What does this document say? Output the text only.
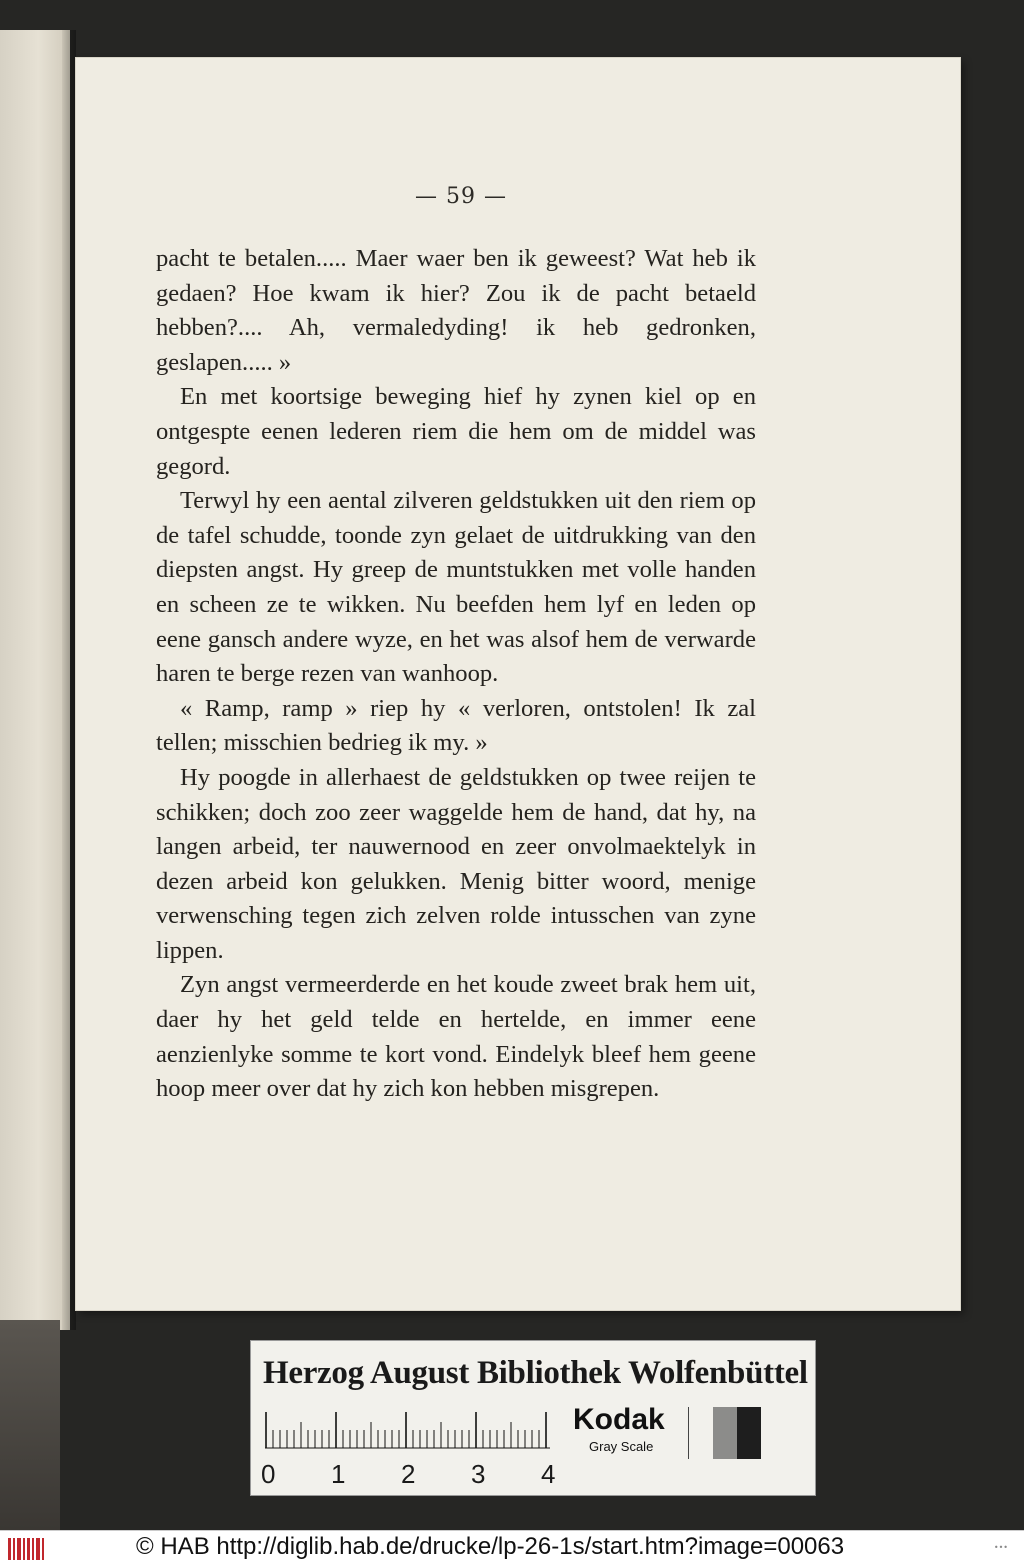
— 59 —

pacht te betalen..... Maer waer ben ik geweest? Wat heb ik gedaen? Hoe kwam ik hier? Zou ik de pacht betaeld hebben?.... Ah, vermaledyding! ik heb gedronken, geslapen..... »

En met koortsige beweging hief hy zynen kiel op en ontgespte eenen lederen riem die hem om de middel was gegord.

Terwyl hy een aental zilveren geldstukken uit den riem op de tafel schudde, toonde zyn gelaet de uitdrukking van den diepsten angst. Hy greep de muntstukken met volle handen en scheen ze te wikken. Nu beefden hem lyf en leden op eene gansch andere wyze, en het was alsof hem de verwarde haren te berge rezen van wanhoop.

« Ramp, ramp » riep hy « verloren, ontstolen! Ik zal tellen; misschien bedrieg ik my. »

Hy poogde in allerhaest de geldstukken op twee reijen te schikken; doch zoo zeer waggelde hem de hand, dat hy, na langen arbeid, ter nauwernood en zeer onvolmaektelyk in dezen arbeid kon gelukken. Menig bitter woord, menige verwensching tegen zich zelven rolde intusschen van zyne lippen.

Zyn angst vermeerderde en het koude zweet brak hem uit, daer hy het geld telde en hertelde, en immer eene aenzienlyke somme te kort vond. Eindelyk bleef hem geene hoop meer over dat hy zich kon hebben misgrepen.

Herzog August Bibliothek Wolfenbüttel
0 1 2 3 4
Kodak
Gray Scale
© HAB http://diglib.hab.de/drucke/lp-26-1s/start.htm?image=00063	•••
